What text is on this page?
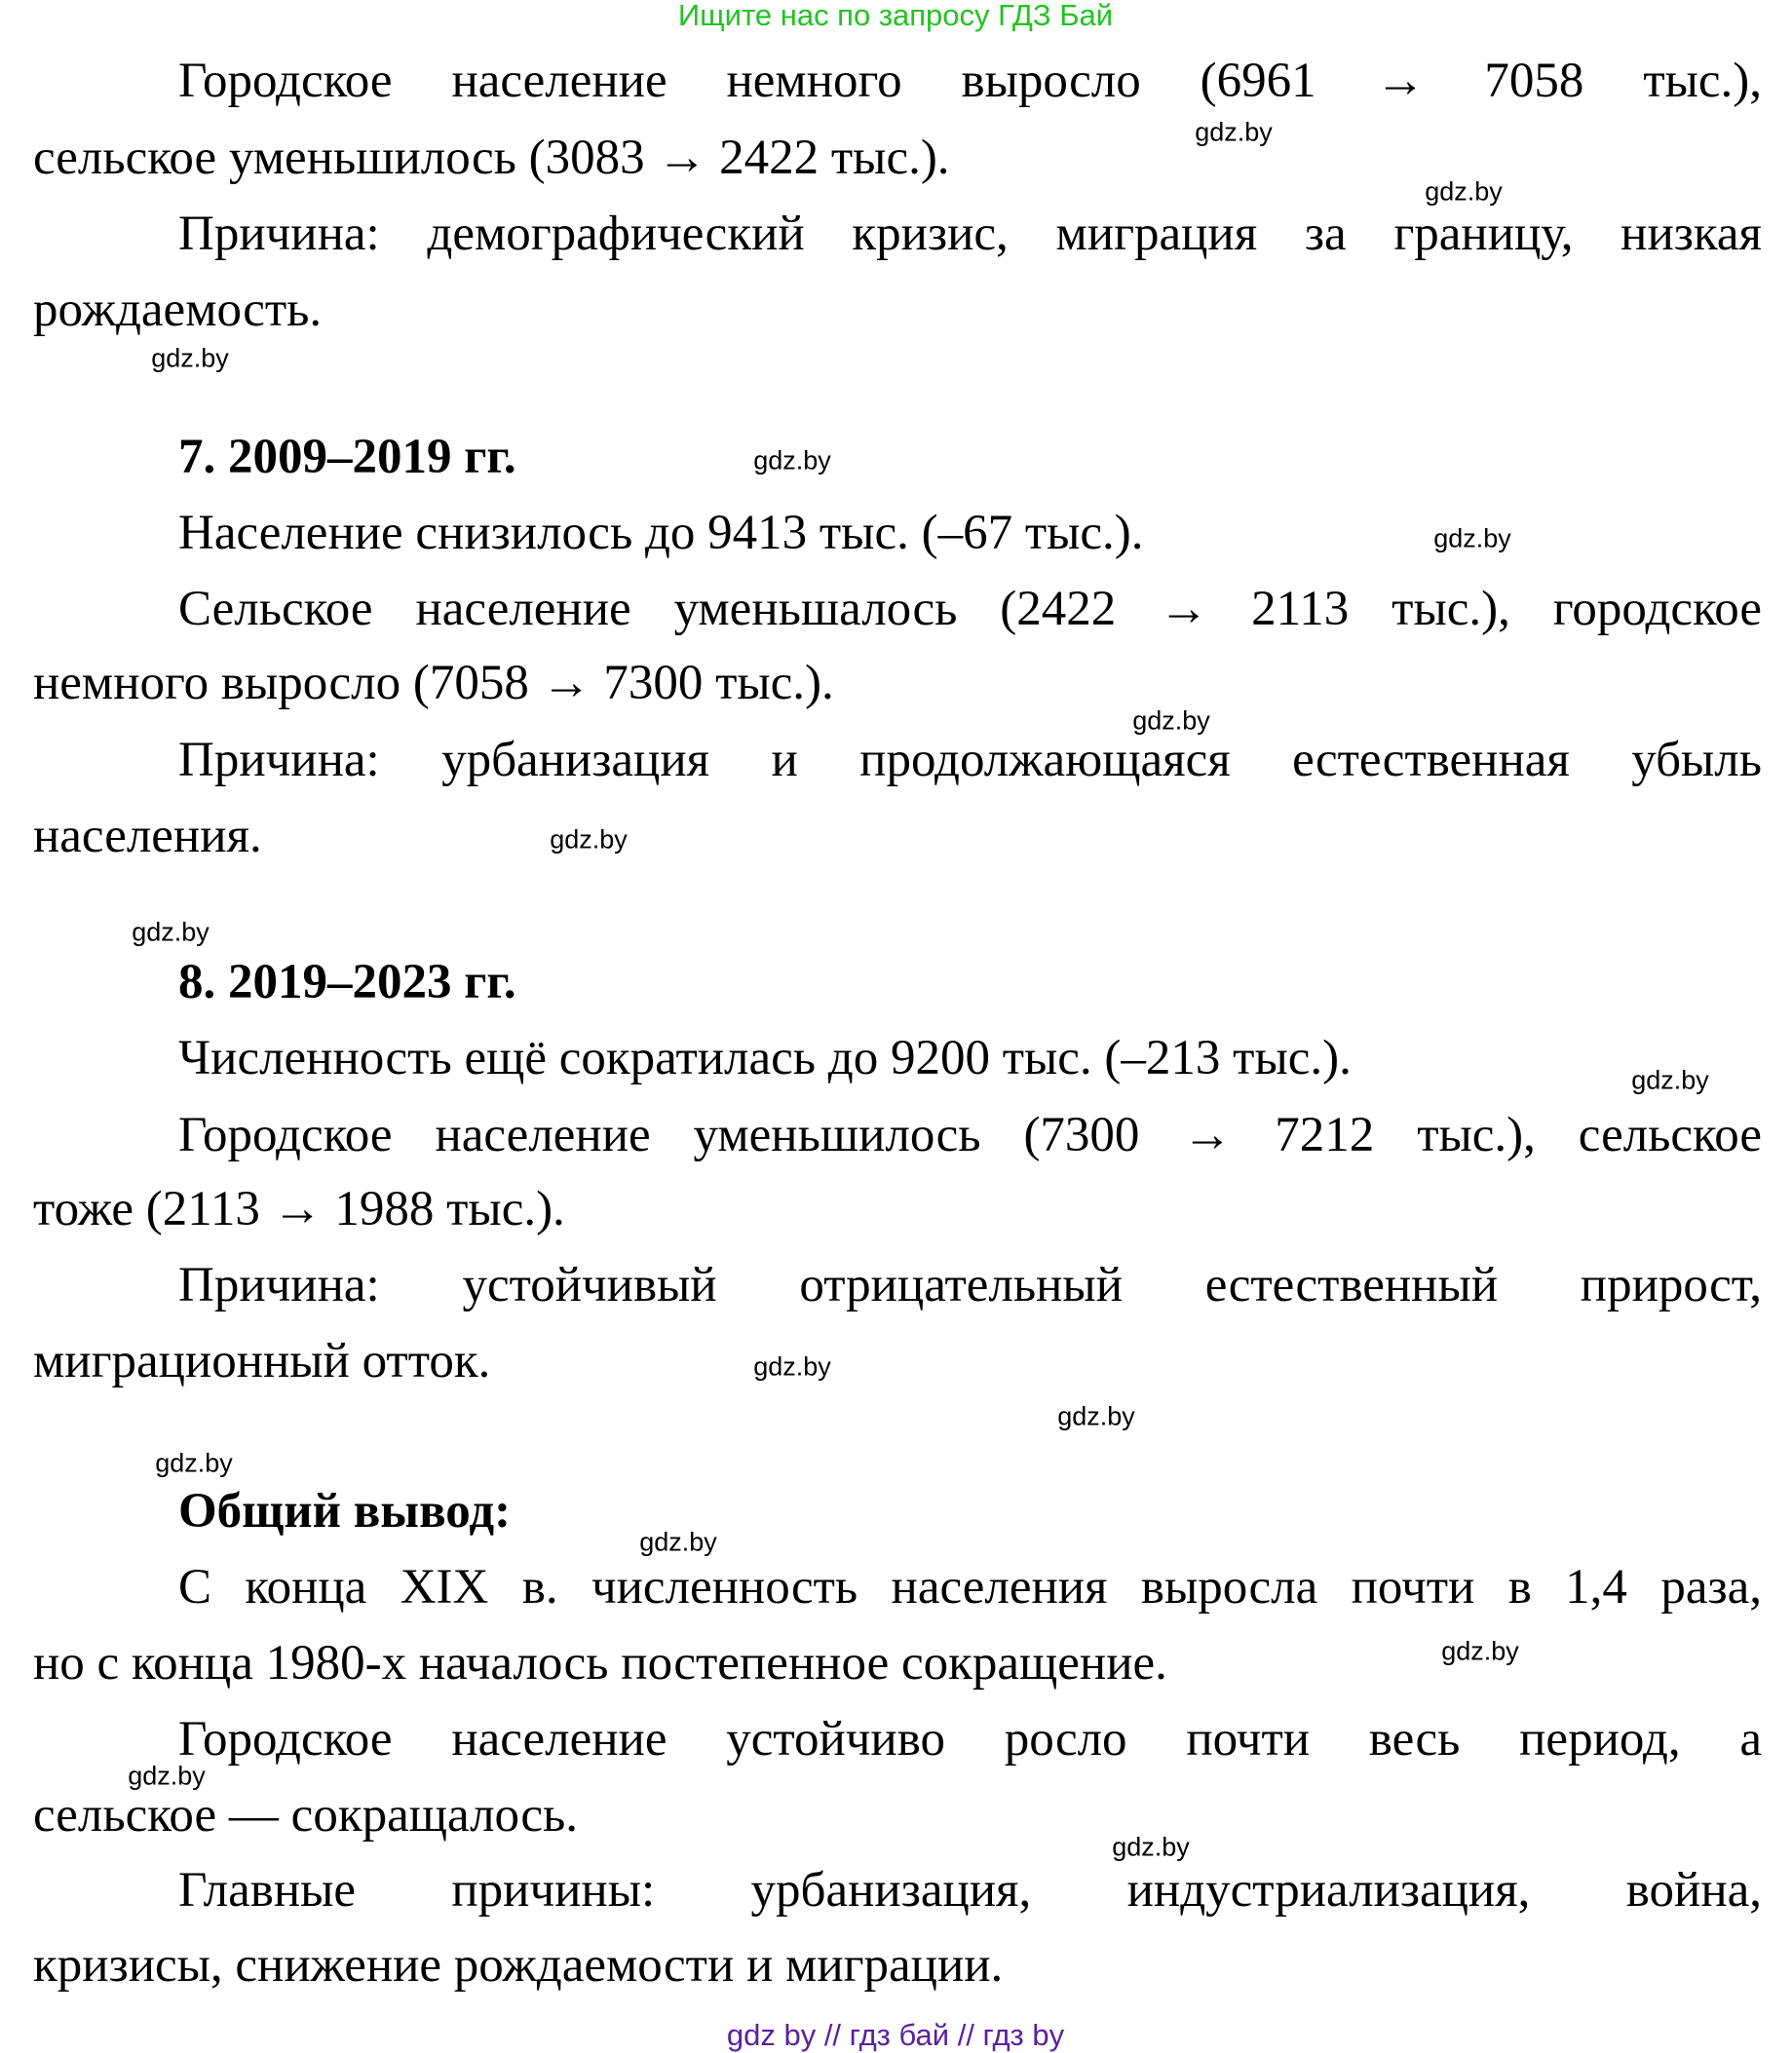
Ищите нас по запросу ГДЗ Бай
Городское население немного выросло (6961 → 7058 тыс.),
сельское уменьшилось (3083 → 2422 тыс.).
Причина: демографический кризис, миграция за границу, низкая
рождаемость.
7. 2009–2019 гг.
Население снизилось до 9413 тыс. (–67 тыс.).
Сельское население уменьшалось (2422 → 2113 тыс.), городское
немного выросло (7058 → 7300 тыс.).
Причина: урбанизация и продолжающаяся естественная убыль
населения.
8. 2019–2023 гг.
Численность ещё сократилась до 9200 тыс. (–213 тыс.).
Городское население уменьшилось (7300 → 7212 тыс.), сельское
тоже (2113 → 1988 тыс.).
Причина: устойчивый отрицательный естественный прирост,
миграционный отток.
Общий вывод:
С конца XIX в. численность населения выросла почти в 1,4 раза,
но с конца 1980-х началось постепенное сокращение.
Городское население устойчиво росло почти весь период, а
сельское — сокращалось.
Главные причины: урбанизация, индустриализация, война,
кризисы, снижение рождаемости и миграции.
gdz.by
gdz.by
gdz.by
gdz.by
gdz.by
gdz.by
gdz.by
gdz.by
gdz.by
gdz.by
gdz.by
gdz.by
gdz.by
gdz.by
gdz.by
gdz.by
gdz by // гдз бай // гдз by
